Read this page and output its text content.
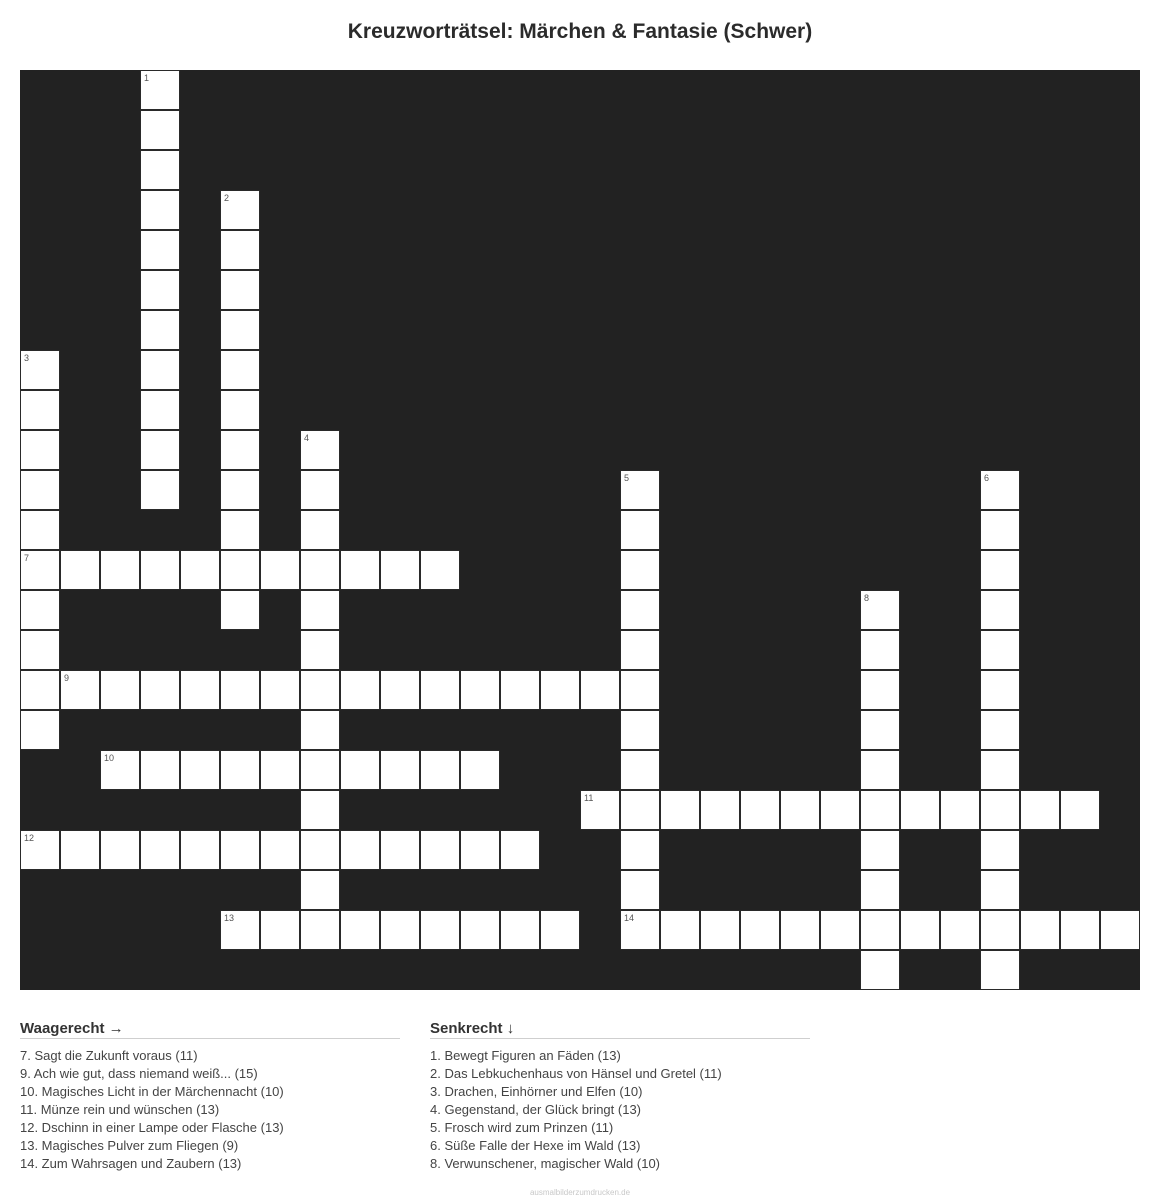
Kreuzworträtsel: Märchen & Fantasie (Schwer)
1
2
3
7
4
5	6
8
9
10
11
12
13	14
Waagerecht →
7. Sagt die Zukunft voraus (11)
9. Ach wie gut, dass niemand weiß... (15)
10. Magisches Licht in der Märchennacht (10)
11. Münze rein und wünschen (13)
12. Dschinn in einer Lampe oder Flasche (13)
13. Magisches Pulver zum Fliegen (9)
14. Zum Wahrsagen und Zaubern (13)
Senkrecht ↓
1. Bewegt Figuren an Fäden (13)
2. Das Lebkuchenhaus von Hänsel und Gretel (11)
3. Drachen, Einhörner und Elfen (10)
4. Gegenstand, der Glück bringt (13)
5. Frosch wird zum Prinzen (11)
6. Süße Falle der Hexe im Wald (13)
8. Verwunschener, magischer Wald (10)
ausmalbilderzumdrucken.de
